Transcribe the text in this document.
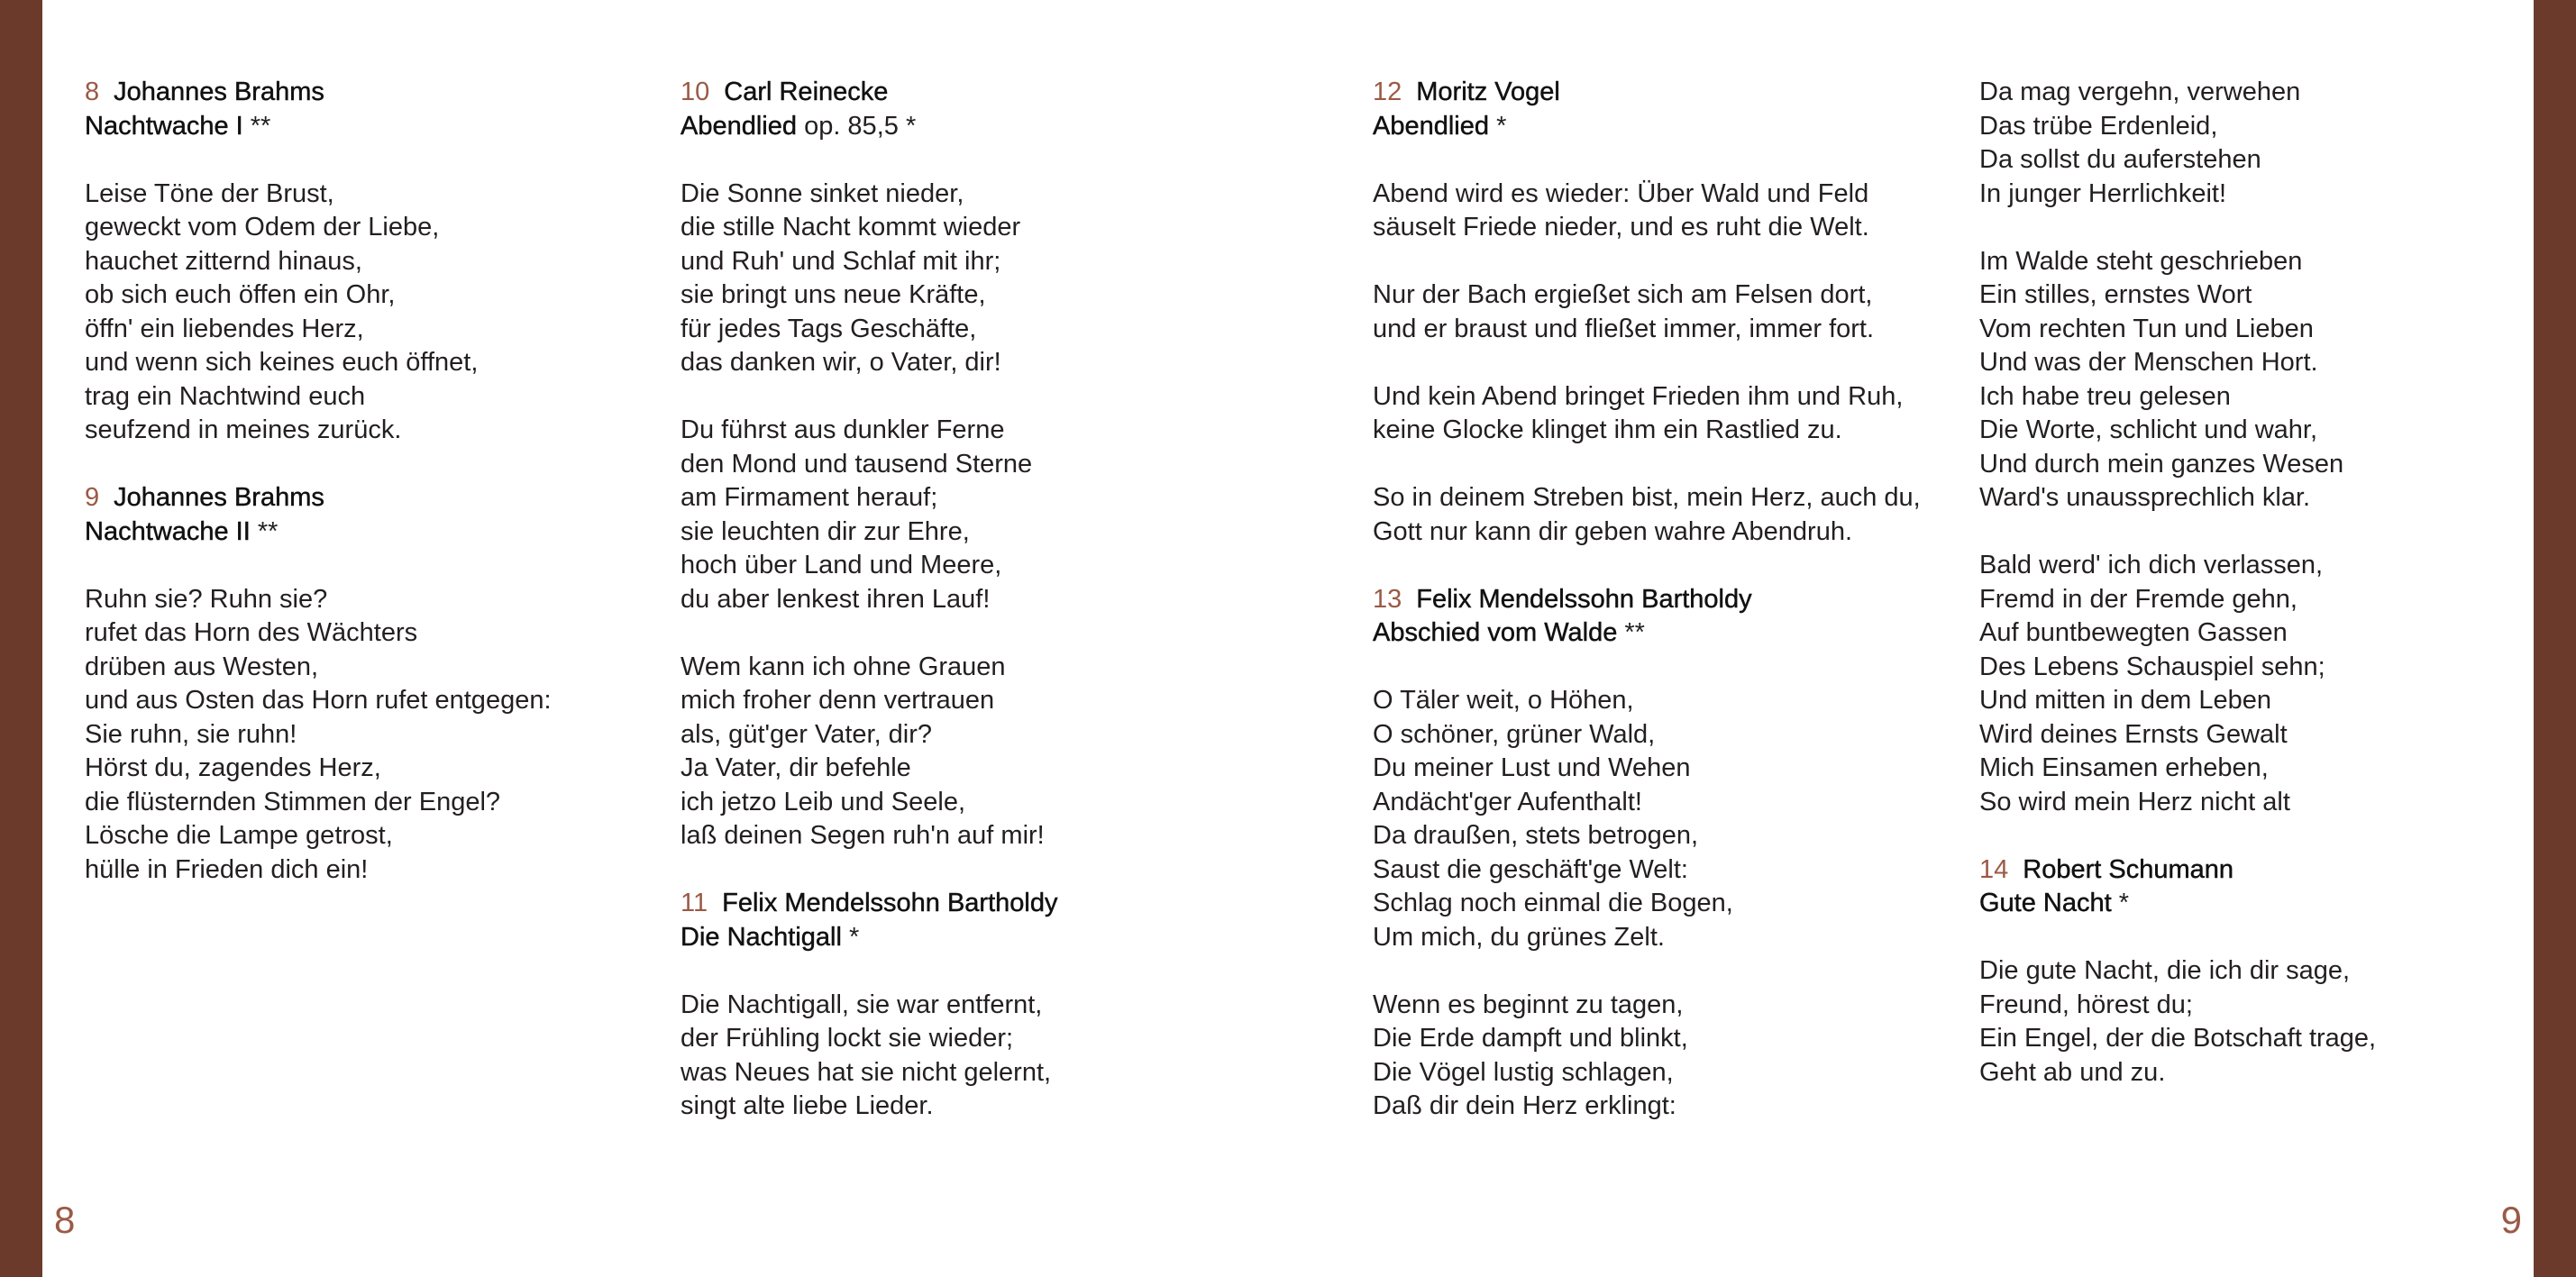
8 Johannes Brahms
Nachtwache I **
Leise Töne der Brust,
geweckt vom Odem der Liebe,
hauchet zitternd hinaus,
ob sich euch öffen ein Ohr,
öffn' ein liebendes Herz,
und wenn sich keines euch öffnet,
trag ein Nachtwind euch
seufzend in meines zurück.
9 Johannes Brahms
Nachtwache II **
Ruhn sie? Ruhn sie?
rufet das Horn des Wächters
drüben aus Westen,
und aus Osten das Horn rufet entgegen:
Sie ruhn, sie ruhn!
Hörst du, zagendes Herz,
die flüsternden Stimmen der Engel?
Lösche die Lampe getrost,
hülle in Frieden dich ein!
10 Carl Reinecke
Abendlied op. 85,5 *
Die Sonne sinket nieder,
die stille Nacht kommt wieder
und Ruh' und Schlaf mit ihr;
sie bringt uns neue Kräfte,
für jedes Tags Geschäfte,
das danken wir, o Vater, dir!
Du führst aus dunkler Ferne
den Mond und tausend Sterne
am Firmament herauf;
sie leuchten dir zur Ehre,
hoch über Land und Meere,
du aber lenkest ihren Lauf!
Wem kann ich ohne Grauen
mich froher denn vertrauen
als, güt'ger Vater, dir?
Ja Vater, dir befehle
ich jetzo Leib und Seele,
laß deinen Segen ruh'n auf mir!
11 Felix Mendelssohn Bartholdy
Die Nachtigall *
Die Nachtigall, sie war entfernt,
der Frühling lockt sie wieder;
was Neues hat sie nicht gelernt,
singt alte liebe Lieder.
12 Moritz Vogel
Abendlied *
Abend wird es wieder: Über Wald und Feld
säuselt Friede nieder, und es ruht die Welt.
Nur der Bach ergießet sich am Felsen dort,
und er braust und fließet immer, immer fort.
Und kein Abend bringet Frieden ihm und Ruh,
keine Glocke klinget ihm ein Rastlied zu.
So in deinem Streben bist, mein Herz, auch du,
Gott nur kann dir geben wahre Abendruh.
13 Felix Mendelssohn Bartholdy
Abschied vom Walde **
O Täler weit, o Höhen,
O schöner, grüner Wald,
Du meiner Lust und Wehen
Andächt'ger Aufenthalt!
Da draußen, stets betrogen,
Saust die geschäft'ge Welt:
Schlag noch einmal die Bogen,
Um mich, du grünes Zelt.
Wenn es beginnt zu tagen,
Die Erde dampft und blinkt,
Die Vögel lustig schlagen,
Daß dir dein Herz erklingt:
Da mag vergehn, verwehen
Das trübe Erdenleid,
Da sollst du auferstehen
In junger Herrlichkeit!
Im Walde steht geschrieben
Ein stilles, ernstes Wort
Vom rechten Tun und Lieben
Und was der Menschen Hort.
Ich habe treu gelesen
Die Worte, schlicht und wahr,
Und durch mein ganzes Wesen
Ward's unaussprechlich klar.
Bald werd' ich dich verlassen,
Fremd in der Fremde gehn,
Auf buntbewegten Gassen
Des Lebens Schauspiel sehn;
Und mitten in dem Leben
Wird deines Ernsts Gewalt
Mich Einsamen erheben,
So wird mein Herz nicht alt
14 Robert Schumann
Gute Nacht *
Die gute Nacht, die ich dir sage,
Freund, hörest du;
Ein Engel, der die Botschaft trage,
Geht ab und zu.
8	9
